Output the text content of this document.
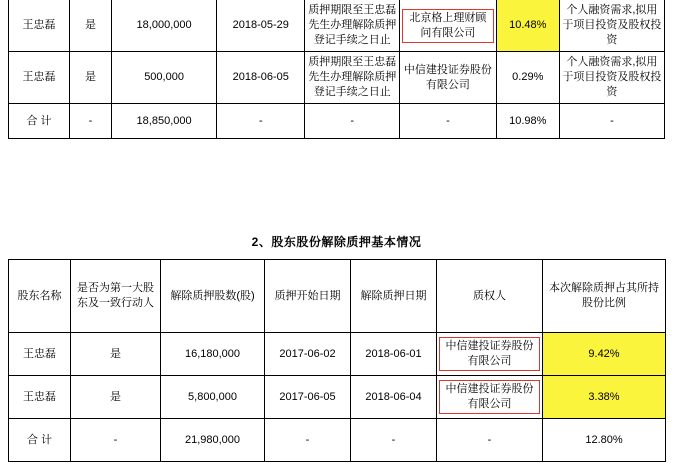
王忠磊	是	18,000,000	2018-05-29	质押期限至王忠磊先生办理解除质押登记手续之日止	北京格上理财顾问有限公司	10.48%	个人融资需求,拟用于项目投资及股权投资
王忠磊	是	500,000	2018-06-05	质押期限至王忠磊先生办理解除质押登记手续之日止	中信建投证券股份有限公司	0.29%	个人融资需求,拟用于项目投资及股权投资
合 计	-	18,850,000	-	-	-	10.98%	-
2、股东股份解除质押基本情况
股东名称	是否为第一大股东及一致行动人	解除质押股数(股)	质押开始日期	解除质押日期	质权人	本次解除质押占其所持股份比例
王忠磊	是	16,180,000	2017-06-02	2018-06-01	中信建投证券股份有限公司	9.42%
王忠磊	是	5,800,000	2017-06-05	2018-06-04	中信建投证券股份有限公司	3.38%
合 计	-	21,980,000	-	-	-	12.80%
